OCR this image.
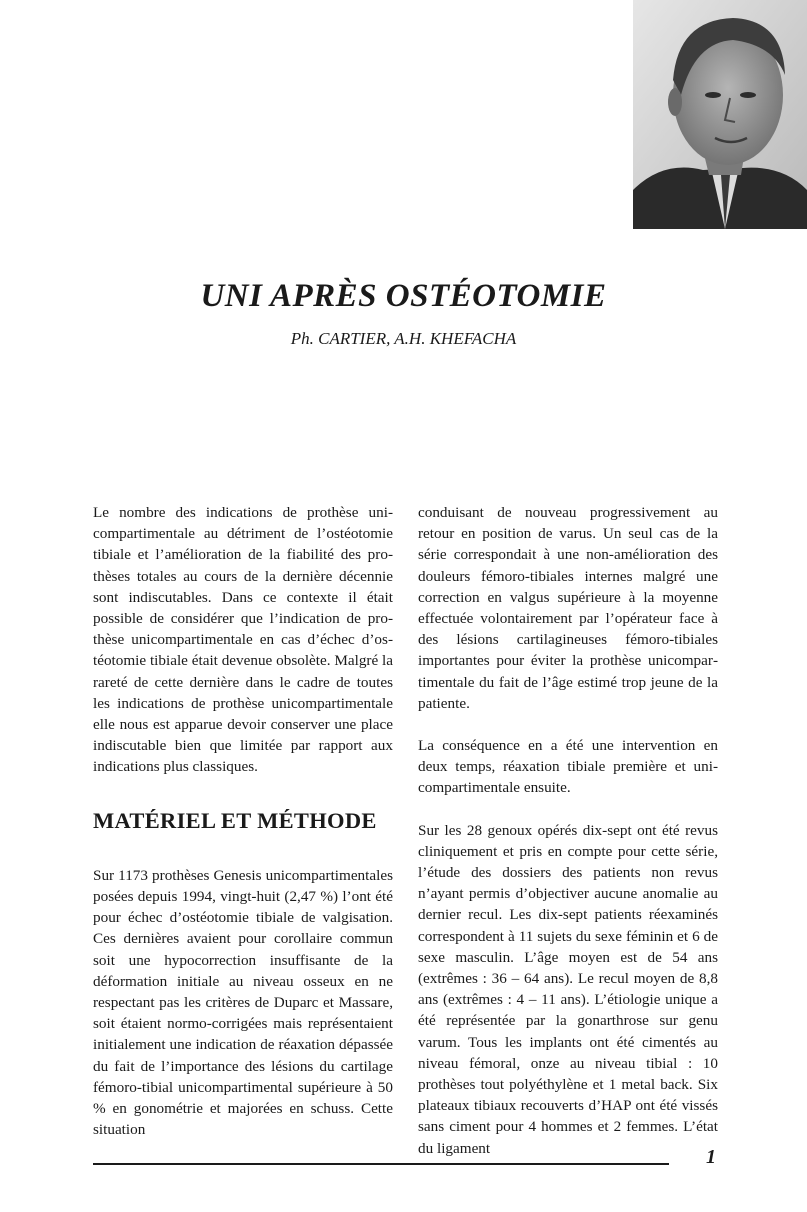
UNI APRÈS OSTÉOTOMIE

Ph. CARTIER, A.H. KHEFACHA

Le nombre des indications de prothèse unicompartimentale au détriment de l’ostéotomie tibiale et l’amélioration de la fiabilité des prothèses totales au cours de la dernière décennie sont indiscutables. Dans ce contexte il était possible de considérer que l’indication de prothèse unicompartimentale en cas d’échec d’ostéotomie tibiale était devenue obsolète. Malgré la rareté de cette dernière dans le cadre de toutes les indications de prothèse unicompartimentale elle nous est apparue devoir conserver une place indiscutable bien que limitée par rapport aux indications plus classiques.

MATÉRIEL ET MÉTHODE

Sur 1173 prothèses Genesis unicompartimentales posées depuis 1994, vingt-huit (2,47 %) l’ont été pour échec d’ostéotomie tibiale de valgisation. Ces dernières avaient pour corollaire commun soit une hypocorrection insuffisante de la déformation initiale au niveau osseux en ne respectant pas les critères de Duparc et Massare, soit étaient normo-corrigées mais représentaient initialement une indication de réaxation dépassée du fait de l’importance des lésions du cartilage fémoro-tibial unicompartimental supérieure à 50 % en gonométrie et majorées en schuss. Cette situation

conduisant de nouveau progressivement au retour en position de varus. Un seul cas de la série correspondait à une non-amélioration des douleurs fémoro-tibiales internes malgré une correction en valgus supérieure à la moyenne effectuée volontairement par l’opérateur face à des lésions cartilagineuses fémoro-tibiales importantes pour éviter la prothèse unicompartimentale du fait de l’âge estimé trop jeune de la patiente.

La conséquence en a été une intervention en deux temps, réaxation tibiale première et unicompartimentale ensuite.

Sur les 28 genoux opérés dix-sept ont été revus cliniquement et pris en compte pour cette série, l’étude des dossiers des patients non revus n’ayant permis d’objectiver aucune anomalie au dernier recul. Les dix-sept patients réexaminés correspondent à 11 sujets du sexe féminin et 6 de sexe masculin. L’âge moyen est de 54 ans (extrêmes : 36 – 64 ans). Le recul moyen de 8,8 ans (extrêmes : 4 – 11 ans). L’étiologie unique a été représentée par la gonarthrose sur genu varum. Tous les implants ont été cimentés au niveau fémoral, onze au niveau tibial : 10 prothèses tout polyéthylène et 1 metal back. Six plateaux tibiaux recouverts d’HAP ont été vissés sans ciment pour 4 hommes et 2 femmes. L’état du ligament	1
